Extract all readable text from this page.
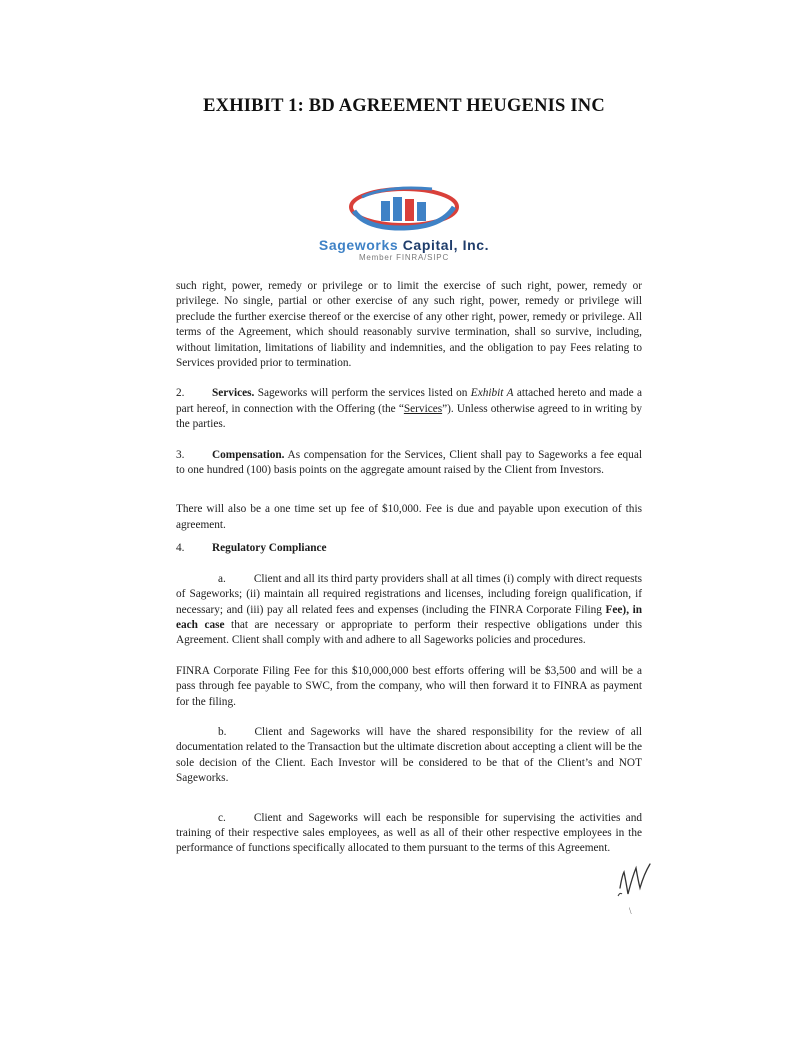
EXHIBIT 1: BD AGREEMENT HEUGENIS INC
Sageworks Capital, Inc.
Member FINRA/SIPC

such right, power, remedy or privilege or to limit the exercise of such right, power, remedy or privilege. No single, partial or other exercise of any such right, power, remedy or privilege will preclude the further exercise thereof or the exercise of any other right, power, remedy or privilege. All terms of the Agreement, which should reasonably survive termination, shall so survive, including, without limitation, limitations of liability and indemnities, and the obligation to pay Fees relating to Services provided prior to termination.

2. Services. Sageworks will perform the services listed on Exhibit A attached hereto and made a part hereof, in connection with the Offering (the “Services”). Unless otherwise agreed to in writing by the parties.

3. Compensation. As compensation for the Services, Client shall pay to Sageworks a fee equal to one hundred (100) basis points on the aggregate amount raised by the Client from Investors.

There will also be a one time set up fee of $10,000. Fee is due and payable upon execution of this agreement.

4.	Regulatory Compliance

a. Client and all its third party providers shall at all times (i) comply with direct requests of Sageworks; (ii) maintain all required registrations and licenses, including foreign qualification, if necessary; and (iii) pay all related fees and expenses (including the FINRA Corporate Filing Fee), in each case that are necessary or appropriate to perform their respective obligations under this Agreement. Client shall comply with and adhere to all Sageworks policies and procedures.

FINRA Corporate Filing Fee for this $10,000,000 best efforts offering will be $3,500 and will be a pass through fee payable to SWC, from the company, who will then forward it to FINRA as payment for the filing.

b. Client and Sageworks will have the shared responsibility for the review of all documentation related to the Transaction but the ultimate discretion about accepting a client will be the sole decision of the Client. Each Investor will be considered to be that of the Client’s and NOT Sageworks.

c. Client and Sageworks will each be responsible for supervising the activities and training of their respective sales employees, as well as all of their other respective employees in the performance of functions specifically allocated to them pursuant to the terms of this Agreement.

\
